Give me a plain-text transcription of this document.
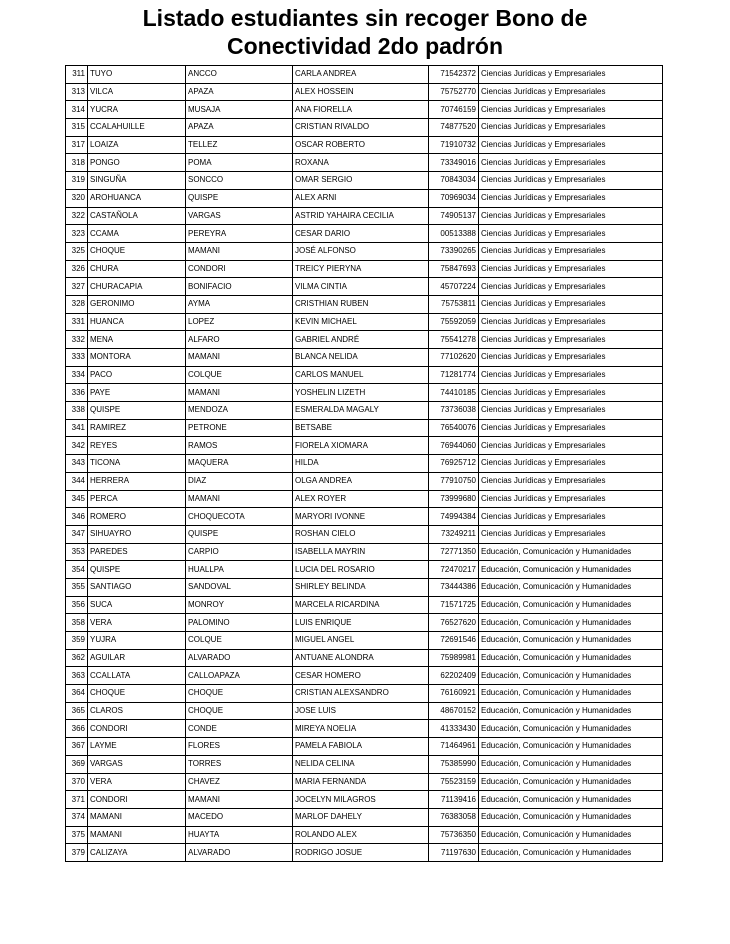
Listado estudiantes sin recoger Bono de
Conectividad 2do padrón
311	TUYO	ANCCO	CARLA ANDREA	71542372	Ciencias Jurídicas y Empresariales
313	VILCA	APAZA	ALEX HOSSEIN	75752770	Ciencias Jurídicas y Empresariales
314	YUCRA	MUSAJA	ANA FIORELLA	70746159	Ciencias Jurídicas y Empresariales
315	CCALAHUILLE	APAZA	CRISTIAN RIVALDO	74877520	Ciencias Jurídicas y Empresariales
317	LOAIZA	TELLEZ	OSCAR ROBERTO	71910732	Ciencias Jurídicas y Empresariales
318	PONGO	POMA	ROXANA	73349016	Ciencias Jurídicas y Empresariales
319	SINGUÑA	SONCCO	OMAR SERGIO	70843034	Ciencias Jurídicas y Empresariales
320	AROHUANCA	QUISPE	ALEX ARNI	70969034	Ciencias Jurídicas y Empresariales
322	CASTAÑOLA	VARGAS	ASTRID YAHAIRA CECILIA	74905137	Ciencias Jurídicas y Empresariales
323	CCAMA	PEREYRA	CESAR DARIO	00513388	Ciencias Jurídicas y Empresariales
325	CHOQUE	MAMANI	JOSÉ ALFONSO	73390265	Ciencias Jurídicas y Empresariales
326	CHURA	CONDORI	TREICY PIERYNA	75847693	Ciencias Jurídicas y Empresariales
327	CHURACAPIA	BONIFACIO	VILMA CINTIA	45707224	Ciencias Jurídicas y Empresariales
328	GERONIMO	AYMA	CRISTHIAN RUBEN	75753811	Ciencias Jurídicas y Empresariales
331	HUANCA	LOPEZ	KEVIN MICHAEL	75592059	Ciencias Jurídicas y Empresariales
332	MENA	ALFARO	GABRIEL ANDRÉ	75541278	Ciencias Jurídicas y Empresariales
333	MONTORA	MAMANI	BLANCA NELIDA	77102620	Ciencias Jurídicas y Empresariales
334	PACO	COLQUE	CARLOS MANUEL	71281774	Ciencias Jurídicas y Empresariales
336	PAYE	MAMANI	YOSHELIN LIZETH	74410185	Ciencias Jurídicas y Empresariales
338	QUISPE	MENDOZA	ESMERALDA MAGALY	73736038	Ciencias Jurídicas y Empresariales
341	RAMIREZ	PETRONE	BETSABE	76540076	Ciencias Jurídicas y Empresariales
342	REYES	RAMOS	FIORELA XIOMARA	76944060	Ciencias Jurídicas y Empresariales
343	TICONA	MAQUERA	HILDA	76925712	Ciencias Jurídicas y Empresariales
344	HERRERA	DIAZ	OLGA ANDREA	77910750	Ciencias Jurídicas y Empresariales
345	PERCA	MAMANI	ALEX ROYER	73999680	Ciencias Jurídicas y Empresariales
346	ROMERO	CHOQUECOTA	MARYORI IVONNE	74994384	Ciencias Jurídicas y Empresariales
347	SIHUAYRO	QUISPE	ROSHAN CIELO	73249211	Ciencias Jurídicas y Empresariales
353	PAREDES	CARPIO	ISABELLA MAYRIN	72771350	Educación, Comunicación y Humanidades
354	QUISPE	HUALLPA	LUCIA DEL ROSARIO	72470217	Educación, Comunicación y Humanidades
355	SANTIAGO	SANDOVAL	SHIRLEY BELINDA	73444386	Educación, Comunicación y Humanidades
356	SUCA	MONROY	MARCELA RICARDINA	71571725	Educación, Comunicación y Humanidades
358	VERA	PALOMINO	LUIS ENRIQUE	76527620	Educación, Comunicación y Humanidades
359	YUJRA	COLQUE	MIGUEL ANGEL	72691546	Educación, Comunicación y Humanidades
362	AGUILAR	ALVARADO	ANTUANE ALONDRA	75989981	Educación, Comunicación y Humanidades
363	CCALLATA	CALLOAPAZA	CESAR HOMERO	62202409	Educación, Comunicación y Humanidades
364	CHOQUE	CHOQUE	CRISTIAN ALEXSANDRO	76160921	Educación, Comunicación y Humanidades
365	CLAROS	CHOQUE	JOSE LUIS	48670152	Educación, Comunicación y Humanidades
366	CONDORI	CONDE	MIREYA NOELIA	41333430	Educación, Comunicación y Humanidades
367	LAYME	FLORES	PAMELA FABIOLA	71464961	Educación, Comunicación y Humanidades
369	VARGAS	TORRES	NELIDA CELINA	75385990	Educación, Comunicación y Humanidades
370	VERA	CHAVEZ	MARIA FERNANDA	75523159	Educación, Comunicación y Humanidades
371	CONDORI	MAMANI	JOCELYN MILAGROS	71139416	Educación, Comunicación y Humanidades
374	MAMANI	MACEDO	MARLOF DAHELY	76383058	Educación, Comunicación y Humanidades
375	MAMANI	HUAYTA	ROLANDO ALEX	75736350	Educación, Comunicación y Humanidades
379	CALIZAYA	ALVARADO	RODRIGO JOSUE	71197630	Educación, Comunicación y Humanidades
